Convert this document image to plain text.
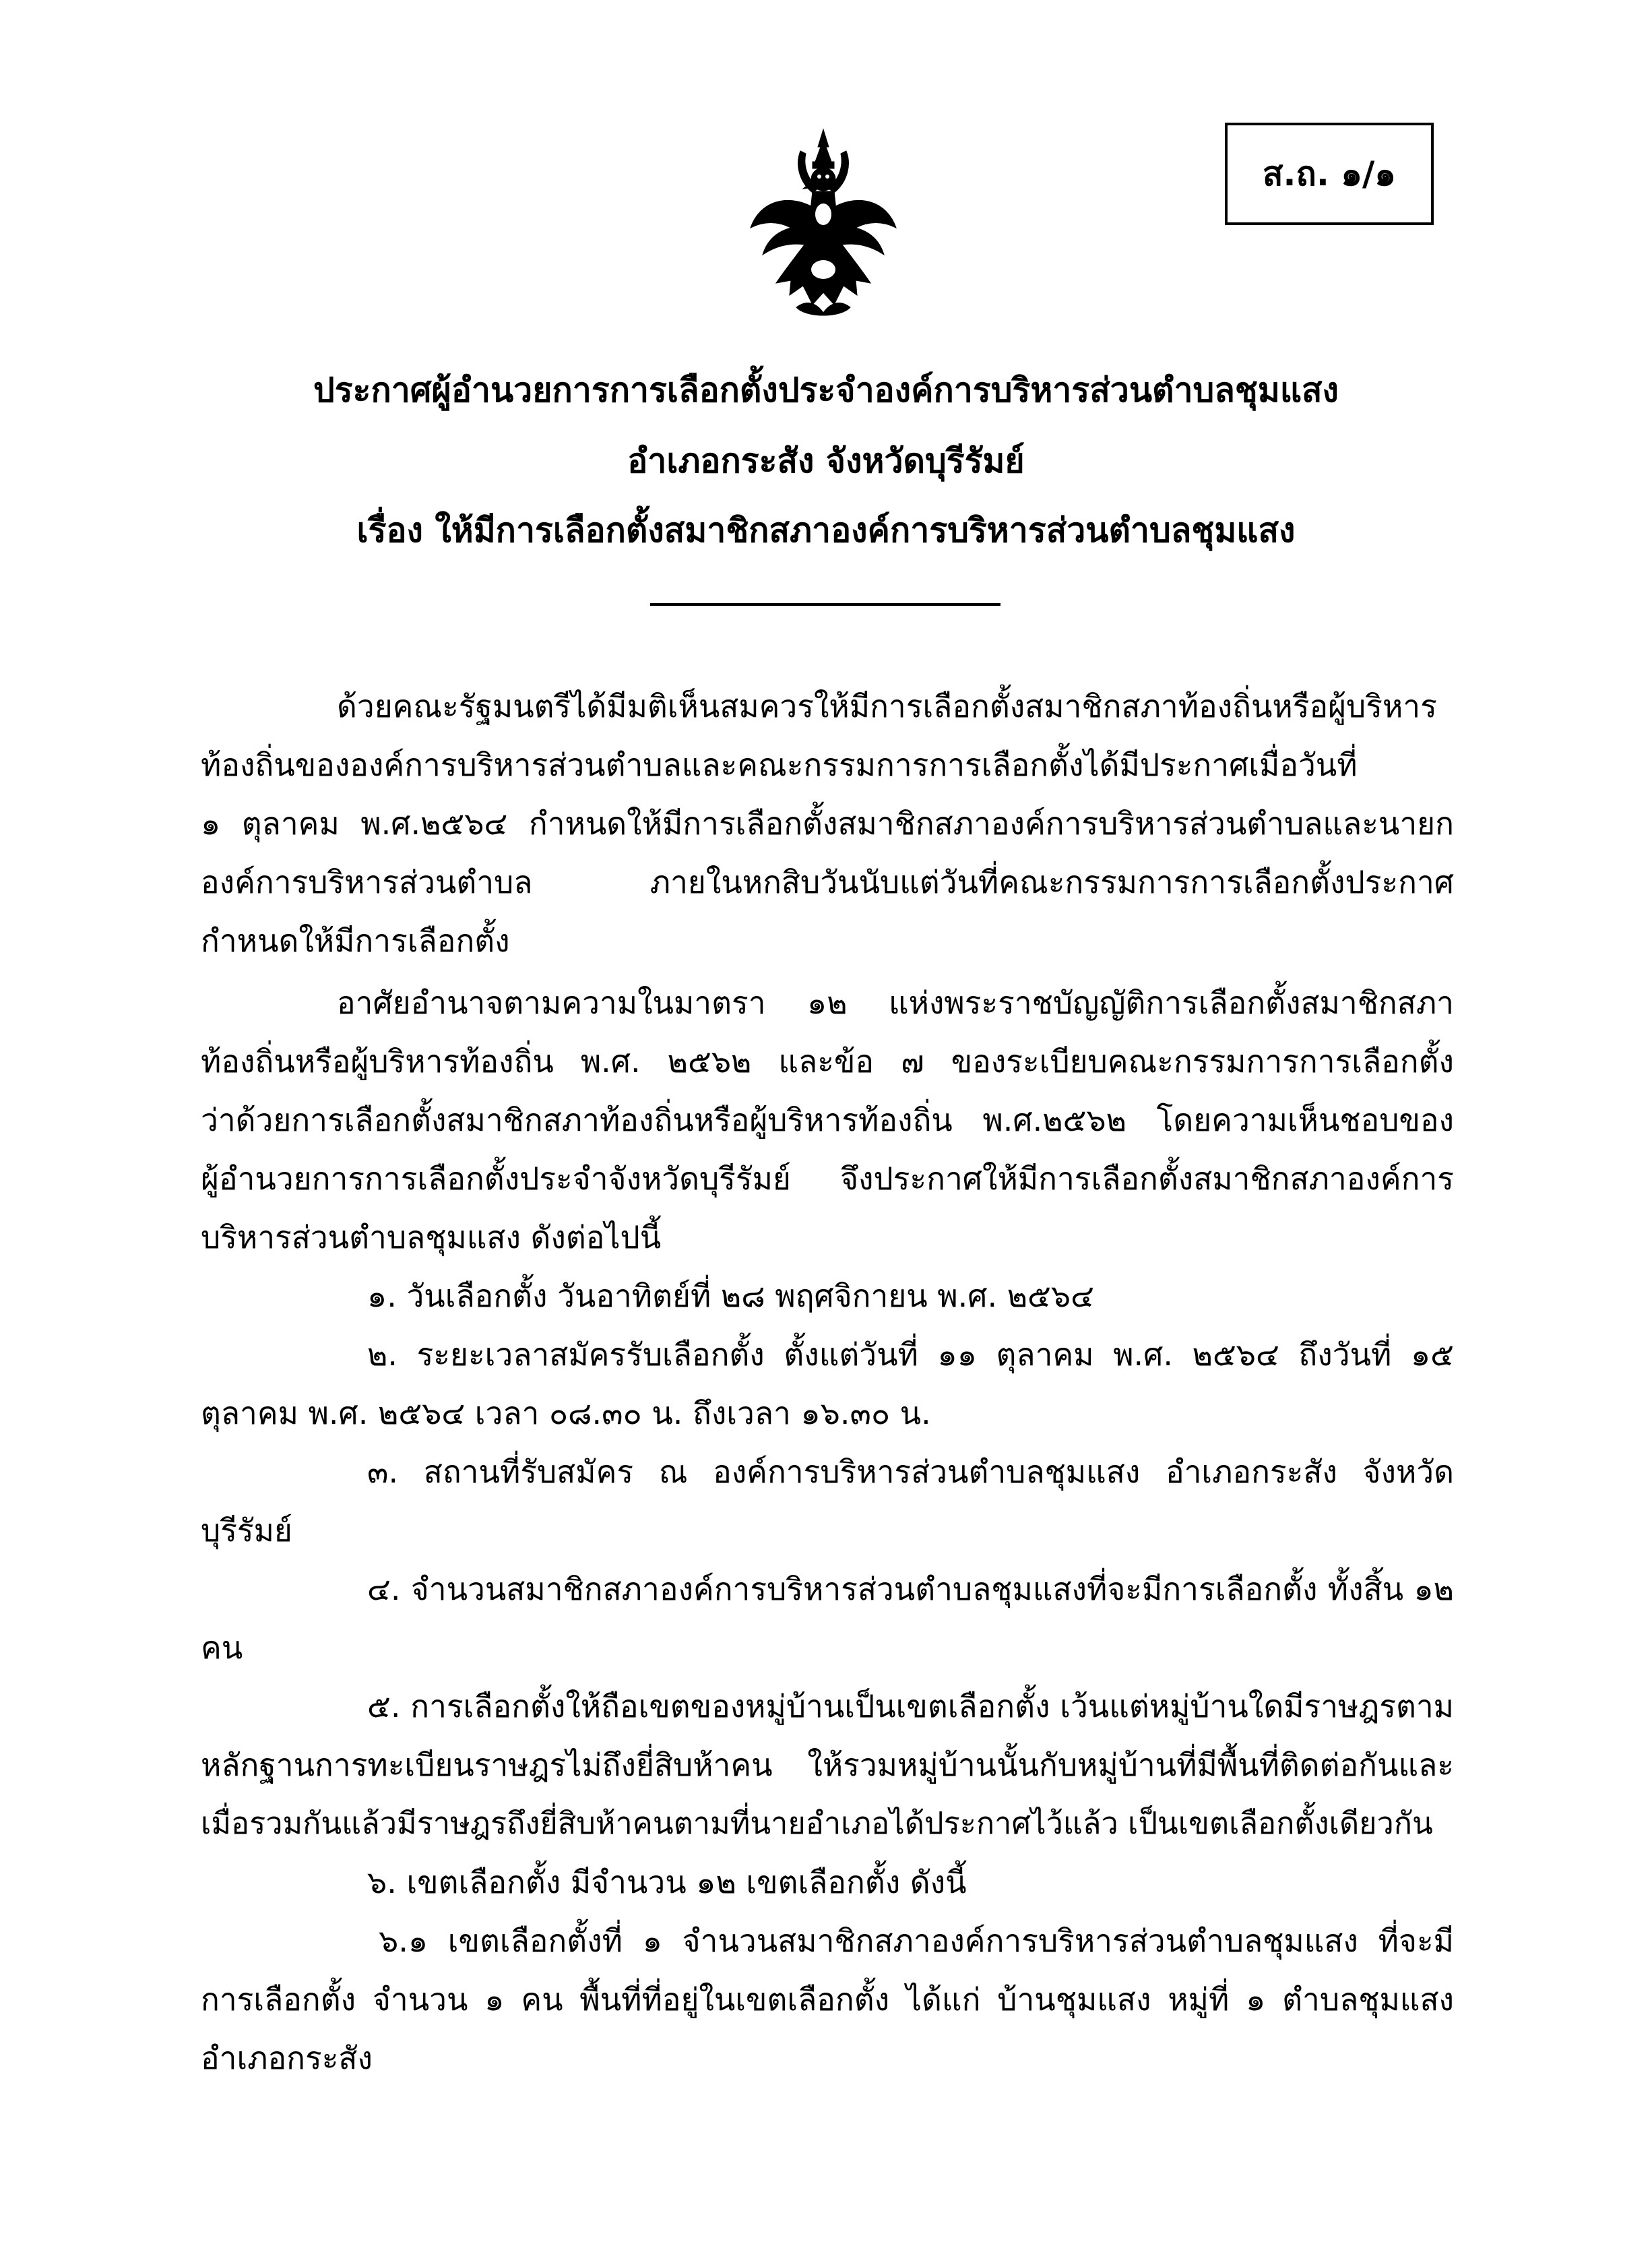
ส.ถ. ๑/๑
ประกาศผู้อำนวยการการเลือกตั้งประจำองค์การบริหารส่วนตำบลชุมแสง
อำเภอกระสัง จังหวัดบุรีรัมย์
เรื่อง ให้มีการเลือกตั้งสมาชิกสภาองค์การบริหารส่วนตำบลชุมแสง
ด้วยคณะรัฐมนตรีได้มีมติเห็นสมควรให้มีการเลือกตั้งสมาชิกสภาท้องถิ่นหรือผู้บริหาร
ท้องถิ่นขององค์การบริหารส่วนตำบลและคณะกรรมการการเลือกตั้งได้มีประกาศเมื่อวันที่
๑ ตุลาคม พ.ศ.๒๕๖๔ กำหนดให้มีการเลือกตั้งสมาชิกสภาองค์การบริหารส่วนตำบลและนายก
องค์การบริหารส่วนตำบล ภายในหกสิบวันนับแต่วันที่คณะกรรมการการเลือกตั้งประกาศ
กำหนดให้มีการเลือกตั้ง
อาศัยอำนาจตามความในมาตรา ๑๒ แห่งพระราชบัญญัติการเลือกตั้งสมาชิกสภา
ท้องถิ่นหรือผู้บริหารท้องถิ่น พ.ศ. ๒๕๖๒ และข้อ ๗ ของระเบียบคณะกรรมการการเลือกตั้ง
ว่าด้วยการเลือกตั้งสมาชิกสภาท้องถิ่นหรือผู้บริหารท้องถิ่น พ.ศ.๒๕๖๒ โดยความเห็นชอบของ
ผู้อำนวยการการเลือกตั้งประจำจังหวัดบุรีรัมย์ จึงประกาศให้มีการเลือกตั้งสมาชิกสภาองค์การ
บริหารส่วนตำบลชุมแสง ดังต่อไปนี้
๑. วันเลือกตั้ง วันอาทิตย์ที่ ๒๘ พฤศจิกายน พ.ศ. ๒๕๖๔
๒. ระยะเวลาสมัครรับเลือกตั้ง ตั้งแต่วันที่ ๑๑ ตุลาคม พ.ศ. ๒๕๖๔ ถึงวันที่ ๑๕
ตุลาคม พ.ศ. ๒๕๖๔ เวลา ๐๘.๓๐ น. ถึงเวลา ๑๖.๓๐ น.
๓. สถานที่รับสมัคร ณ องค์การบริหารส่วนตำบลชุมแสง อำเภอกระสัง จังหวัด
บุรีรัมย์
๔. จำนวนสมาชิกสภาองค์การบริหารส่วนตำบลชุมแสงที่จะมีการเลือกตั้ง ทั้งสิ้น ๑๒
คน
๕. การเลือกตั้งให้ถือเขตของหมู่บ้านเป็นเขตเลือกตั้ง เว้นแต่หมู่บ้านใดมีราษฎรตาม
หลักฐานการทะเบียนราษฎรไม่ถึงยี่สิบห้าคน ให้รวมหมู่บ้านนั้นกับหมู่บ้านที่มีพื้นที่ติดต่อกันและ
เมื่อรวมกันแล้วมีราษฎรถึงยี่สิบห้าคนตามที่นายอำเภอได้ประกาศไว้แล้ว เป็นเขตเลือกตั้งเดียวกัน
๖. เขตเลือกตั้ง มีจำนวน ๑๒ เขตเลือกตั้ง ดังนี้
๖.๑ เขตเลือกตั้งที่ ๑ จำนวนสมาชิกสภาองค์การบริหารส่วนตำบลชุมแสง ที่จะมี
การเลือกตั้ง จำนวน ๑ คน พื้นที่ที่อยู่ในเขตเลือกตั้ง ได้แก่ บ้านชุมแสง หมู่ที่ ๑ ตำบลชุมแสง
อำเภอกระสัง
